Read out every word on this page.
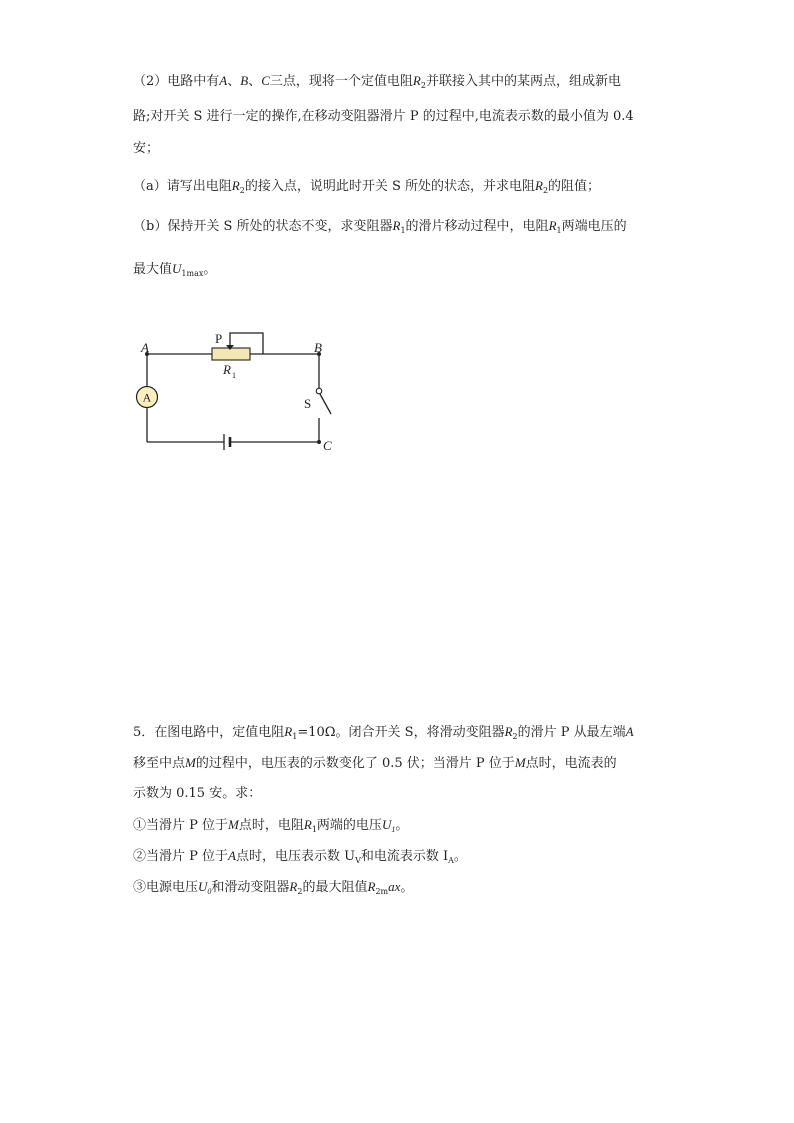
（2）电路中有A、B、C三点，现将一个定值电阻$R_2$并联接入其中的某两点，组成新电
路;对开关 S 进行一定的操作,在移动变阻器滑片 P 的过程中,电流表示数的最小值为 0.4
安；
（a）请写出电阻$R_2$的接入点，说明此时开关 S 所处的状态，并求电阻$R_2$的阻值；
（b）保持开关 S 所处的状态不变，求变阻器$R_1$的滑片移动过程中，电阻$R_1$两端电压的
最大值$U_{1max}$。
A
A	B
C
P
R 1
S
5．在图电路中，定值电阻$R_1=10\Omega$。闭合开关 S，将滑动变阻器$R_2$的滑片 P 从最左端A
移至中点M的过程中，电压表的示数变化了 0.5 伏；当滑片 P 位于M点时，电流表的
示数为 0.15 安。求：
①当滑片 P 位于M点时，电阻$R_1$两端的电压$U_1$。
②当滑片 P 位于A点时，电压表示数 $U_V$和电流表示数 $I_A$。
③电源电压$U_0$和滑动变阻器$R_2$的最大阻值$R_{2m}ax$。
